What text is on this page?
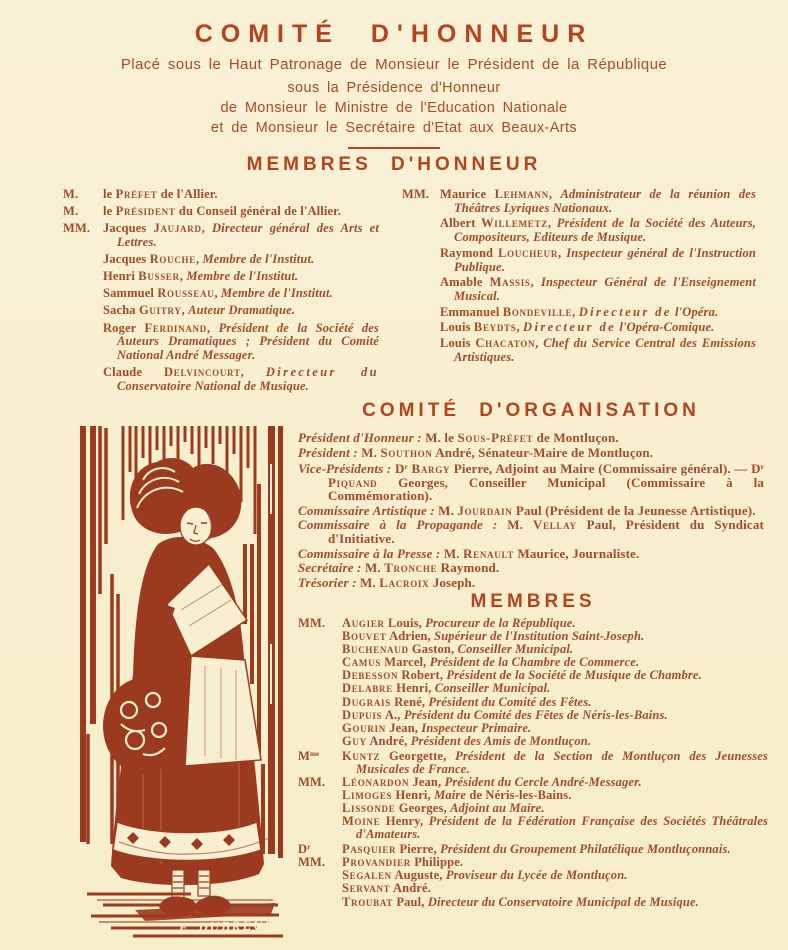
COMITÉ D'HONNEUR
Placé sous le Haut Patronage de Monsieur le Président de la République
sous la Présidence d'Honneur
de Monsieur le Ministre de l'Education Nationale
et de Monsieur le Secrétaire d'Etat aux Beaux-Arts
MEMBRES D'HONNEUR
M. le Préfet de l'Allier.
M. le Président du Conseil général de l'Allier.
MM. Jacques Jaujard, Directeur général des Arts et Lettres.
Jacques Rouche, Membre de l'Institut.
Henri Busser, Membre de l'Institut.
Sammuel Rousseau, Membre de l'Institut.
Sacha Guitry, Auteur Dramatique.
Roger Ferdinand, Président de la Société des Auteurs Dramatiques ; Président du Comité National André Messager.
Claude Delvincourt, Directeur du Conservatoire National de Musique.
MM. Maurice Lehmann, Administrateur de la réunion des Théâtres Lyriques Nationaux.
Albert Willemetz, Président de la Société des Auteurs, Compositeurs, Editeurs de Musique.
Raymond Loucheur, Inspecteur général de l'Instruction Publique.
Amable Massis, Inspecteur Général de l'Enseignement Musical.
Emmanuel Bondeville, Directeur de l'Opéra.
Louis Beydts, Directeur de l'Opéra-Comique.
Louis Chacaton, Chef du Service Central des Emissions Artistiques.
COMITÉ D'ORGANISATION
Président d'Honneur : M. le Sous-Préfet de Montluçon.
Président : M. Southon André, Sénateur-Maire de Montluçon.
Vice-Présidents : $D^r$ Bargy Pierre, Adjoint au Maire (Commissaire général). — $D^r$ Piquand Georges, Conseiller Municipal (Commissaire à la Commémoration).
Commissaire Artistique : M. Jourdain Paul (Président de la Jeunesse Artistique).
Commissaire à la Propagande : M. Vellay Paul, Président du Syndicat d'Initiative.
Commissaire à la Presse : M. Renault Maurice, Journaliste.
Secrétaire : M. Tronche Raymond.
Trésorier : M. Lacroix Joseph.
MEMBRES
MM. Augier Louis, Procureur de la République.
Bouvet Adrien, Supérieur de l'Institution Saint-Joseph.
Buchenaud Gaston, Conseiller Municipal.
Camus Marcel, Président de la Chambre de Commerce.
Debesson Robert, Président de la Société de Musique de Chambre.
Delabre Henri, Conseiller Municipal.
Dugrais René, Président du Comité des Fêtes.
Dupuis A., Président du Comité des Fêtes de Néris-les-Bains.
Gourin Jean, Inspecteur Primaire.
Guy André, Président des Amis de Montluçon.
$M^{me}$ Kuntz Georgette, Président de la Section de Montluçon des Jeunesses Musicales de France.
MM. Léonardon Jean, Président du Cercle André-Messager.
Limoges Henri, Maire de Néris-les-Bains.
Lissonde Georges, Adjoint au Maire.
Moine Henry, Président de la Fédération Française des Sociétés Théâtrales d'Amateurs.
$D^r$	Pasquier Pierre, Président du Groupement Philatélique Montluçonnais.
MM. Provandier Philippe.
Segalen Auguste, Proviseur du Lycée de Montluçon.
Servant André.
Troubat Paul, Directeur du Conservatoire Municipal de Musique.
F. DUBREUIL
